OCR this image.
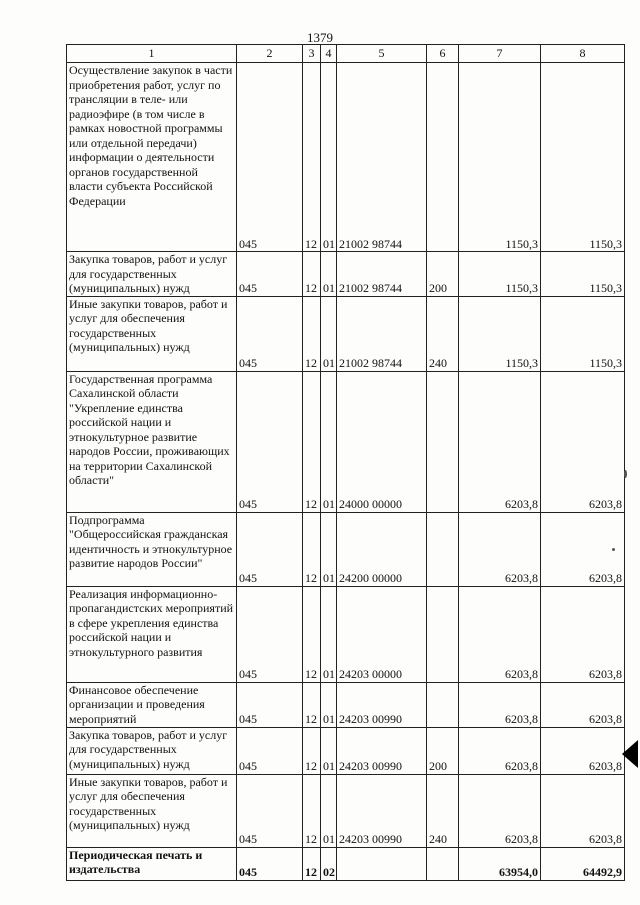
1379
1	2	3	4	5	6	7	8
Осуществление закупок в части приобретения работ, услуг по трансляции в теле- или радиоэфире (в том числе в рамках новостной программы или отдельной передачи) информации о деятельности органов государственной власти субъекта Российской Федерации	045	12	01	21002 98744		1150,3	1150,3
Закупка товаров, работ и услуг для государственных (муниципальных) нужд	045	12	01	21002 98744	200	1150,3	1150,3
Иные закупки товаров, работ и услуг для обеспечения государственных (муниципальных) нужд	045	12	01	21002 98744	240	1150,3	1150,3
Государственная программа Сахалинской области "Укрепление единства российской нации и этнокультурное развитие народов России, проживающих на территории Сахалинской области"	045	12	01	24000 00000		6203,8	6203,8
Подпрограмма "Общероссийская гражданская идентичность и этнокультурное развитие народов России"	045	12	01	24200 00000		6203,8	6203,8
Реализация информационно-пропагандистских мероприятий в сфере укрепления единства российской нации и этнокультурного развития	045	12	01	24203 00000		6203,8	6203,8
Финансовое обеспечение организации и проведения мероприятий	045	12	01	24203 00990		6203,8	6203,8
Закупка товаров, работ и услуг для государственных (муниципальных) нужд	045	12	01	24203 00990	200	6203,8	6203,8
Иные закупки товаров, работ и услуг для обеспечения государственных (муниципальных) нужд	045	12	01	24203 00990	240	6203,8	6203,8
Периодическая печать и издательства	045	12	02			63954,0	64492,9
